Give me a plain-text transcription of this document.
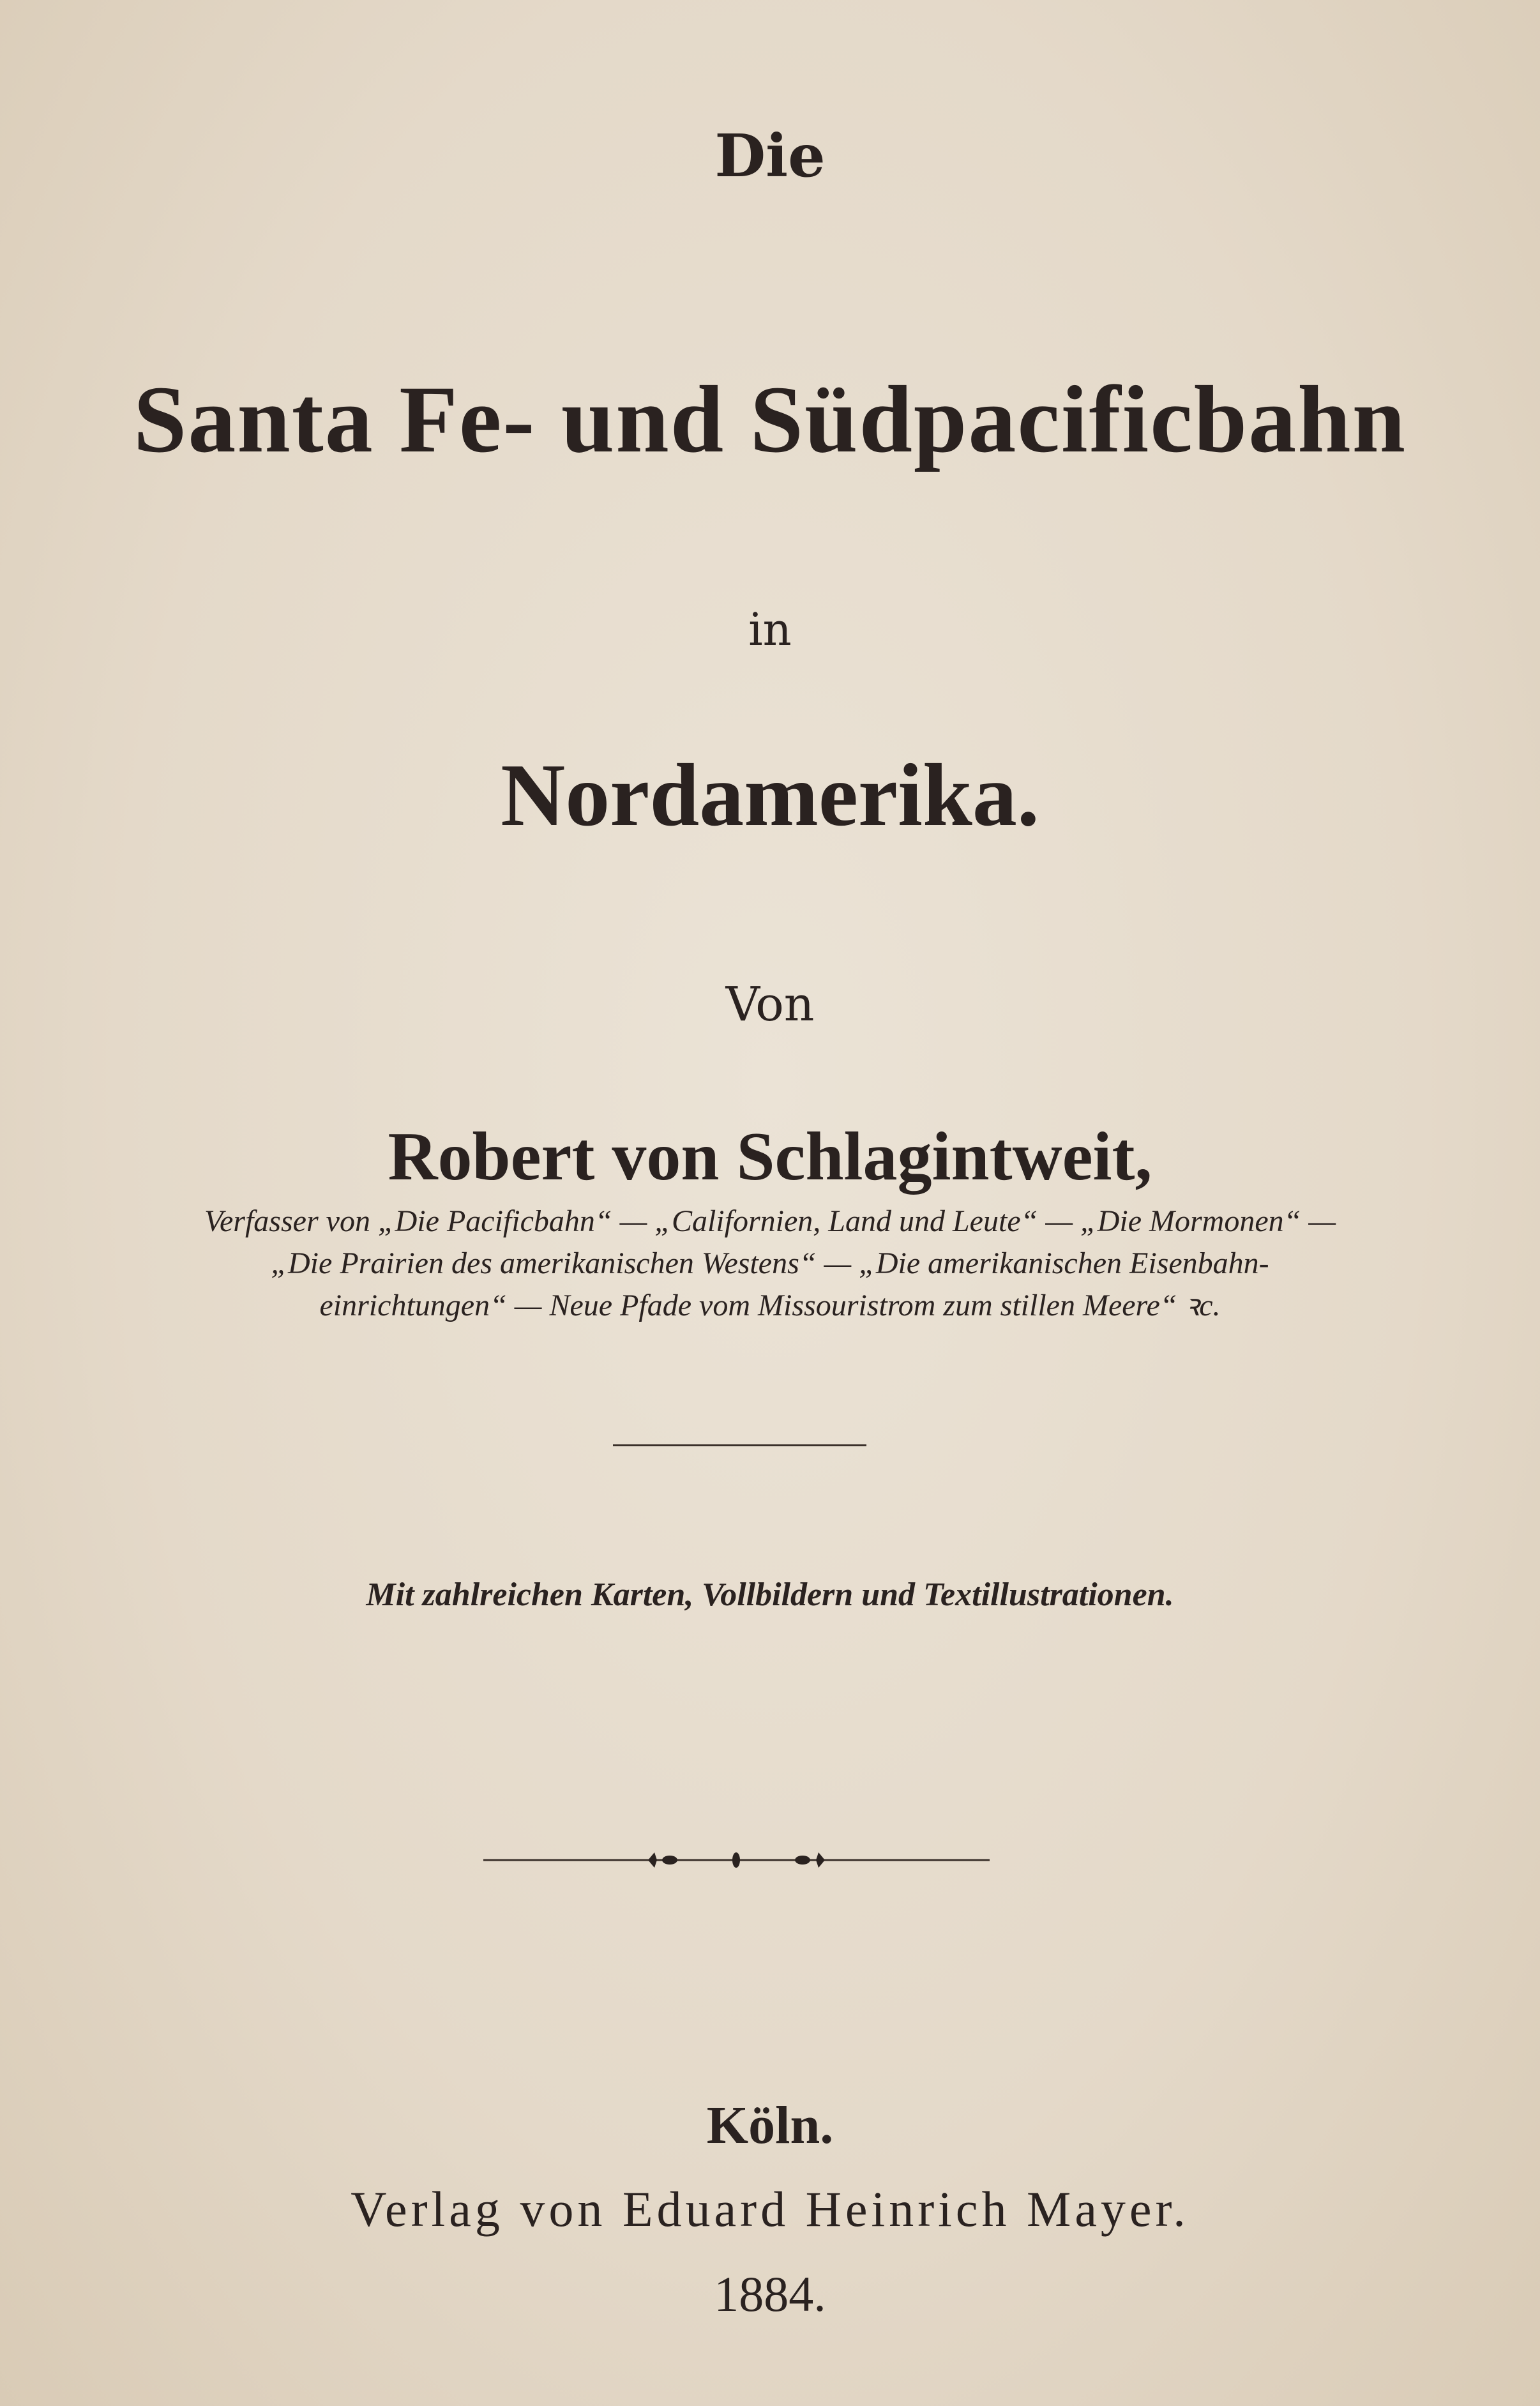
Die
Santa Fe- und Südpacificbahn
in
Nordamerika.
Von
Robert von Schlagintweit,
Verfasser von „Die Pacificbahn“ — „Californien, Land und Leute“ — „Die Mormonen“ —
„Die Prairien des amerikanischen Westens“ — „Die amerikanischen Eisenbahn-
einrichtungen“ — Neue Pfade vom Missouristrom zum stillen Meere“ ꝛc.
Mit zahlreichen Karten, Vollbildern und Textillustrationen.
Köln.
Verlag von Eduard Heinrich Mayer.
1884.
